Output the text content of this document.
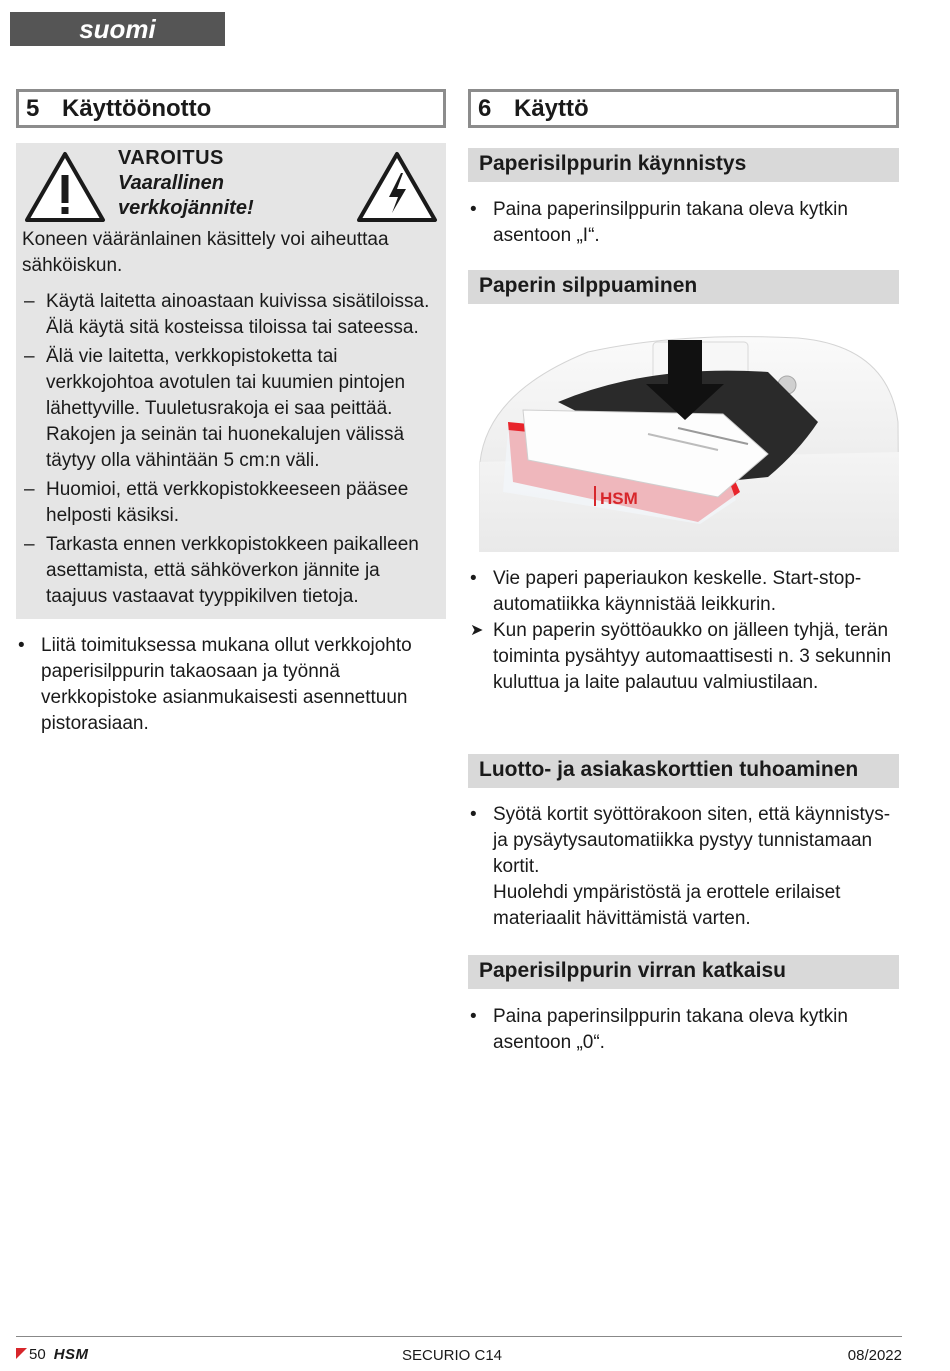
suomi
5 Käyttöönotto
VAROITUS
Vaarallinen
verkkojännite!

Koneen vääränlainen käsittely voi aiheuttaa sähköiskun.

– Käytä laitetta ainoastaan kuivissa sisätiloissa. Älä käytä sitä kosteissa tiloissa tai sateessa.
– Älä vie laitetta, verkkopistoketta tai verkkojohtoa avotulen tai kuumien pintojen lähettyville. Tuuletusrakoja ei saa peittää. Rakojen ja seinän tai huonekalujen välissä täytyy olla vähintään 5 cm:n väli.
– Huomioi, että verkkopistokkeeseen pääsee helposti käsiksi.
– Tarkasta ennen verkkopistokkeen paikalleen asettamista, että sähköverkon jännite ja taajuus vastaavat tyyppikilven tietoja.
• Liitä toimituksessa mukana ollut verkkojohto paperisilppurin takaosaan ja työnnä verkkopistoke asianmukaisesti asennettuun pistorasiaan.
6 Käyttö
Paperisilppurin käynnistys
• Paina paperinsilppurin takana oleva kytkin asentoon „I“.
Paperin silppuaminen
HSM
• Vie paperi paperiaukon keskelle. Start-stop-automatiikka käynnistää leikkurin.
➤ Kun paperin syöttöaukko on jälleen tyhjä, terän toiminta pysähtyy automaattisesti n. 3 sekunnin kuluttua ja laite palautuu valmiustilaan.
Luotto- ja asiakaskorttien tuhoaminen
• Syötä kortit syöttörakoon siten, että käynnistys- ja pysäytysautomatiikka pystyy tunnistamaan kortit.
Huolehdi ympäristöstä ja erottele erilaiset materiaalit hävittämistä varten.
Paperisilppurin virran katkaisu
• Paina paperinsilppurin takana oleva kytkin asentoon „0“.
50 HSM	SECURIO C14	08/2022
